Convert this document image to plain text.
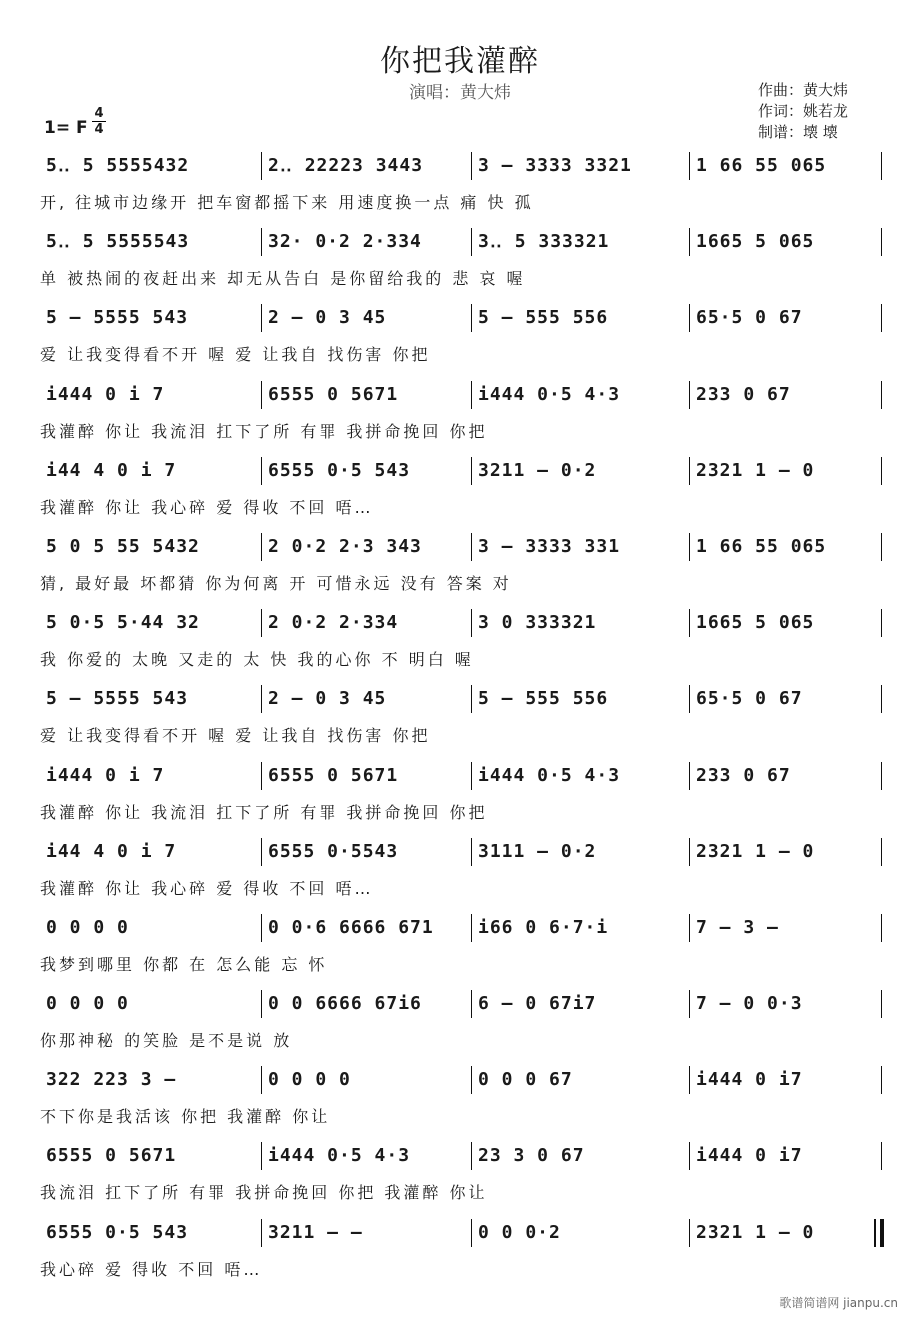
你把我灌醉
演唱：黄大炜	作曲：黄大炜
作词：姚若龙
制谱：壊 壊
1= F
4
4
5‥ 5 5555432	2‥ 22223 3443	3 – 3333 3321	1 66 55 065
开, 往城市边缘开 把车窗都摇下来 用速度换一点 痛 快 孤
5‥ 5 5555543	32· 0·2 2·334	3‥ 5 333321	1665 5 065
单 被热闹的夜赶出来 却无从告白 是你留给我的 悲 哀 喔
5 – 5555 543	2 – 0 3 45	5 – 555 556	65·5 0 67
爱 让我变得看不开 喔 爱 让我自 找伤害 你把
i444 0 i 7	6555 0 5671	i444 0·5 4·3	233 0 67
我灌醉 你让 我流泪 扛下了所 有罪 我拼命挽回 你把
i44 4 0 i 7	6555 0·5 543	3211 – 0·2	2321 1 – 0
我灌醉 你让 我心碎 爱 得收 不回 唔…
5 0 5 55 5432	2 0·2 2·3 343	3 – 3333 331	1 66 55 065
猜, 最好最 坏都猜 你为何离 开 可惜永远 没有 答案 对
5 0·5 5·44 32	2 0·2 2·334	3 0 333321	1665 5 065
我 你爱的 太晚 又走的 太 快 我的心你 不 明白 喔
5 – 5555 543	2 – 0 3 45	5 – 555 556	65·5 0 67
爱 让我变得看不开 喔 爱 让我自 找伤害 你把
i444 0 i 7	6555 0 5671	i444 0·5 4·3	233 0 67
我灌醉 你让 我流泪 扛下了所 有罪 我拼命挽回 你把
i44 4 0 i 7	6555 0·5543	3111 – 0·2	2321 1 – 0
我灌醉 你让 我心碎 爱 得收 不回 唔…
0 0 0 0	0 0·6 6666 671	i66 0 6·7·i	7 – 3 –
我梦到哪里 你都 在 怎么能 忘 怀
0 0 0 0	0 0 6666 67i6	6 – 0 67i7	7 – 0 0·3
你那神秘 的笑脸 是不是说 放
322 223 3 –	0 0 0 0	0 0 0 67	i444 0 i7
不下你是我活该 你把 我灌醉 你让
6555 0 5671	i444 0·5 4·3	23 3 0 67	i444 0 i7
我流泪 扛下了所 有罪 我拼命挽回 你把 我灌醉 你让
6555 0·5 543	3211 – –	0 0 0·2	2321 1 – 0
我心碎 爱 得收 不回 唔…
歌谱简谱网 jianpu.cn
